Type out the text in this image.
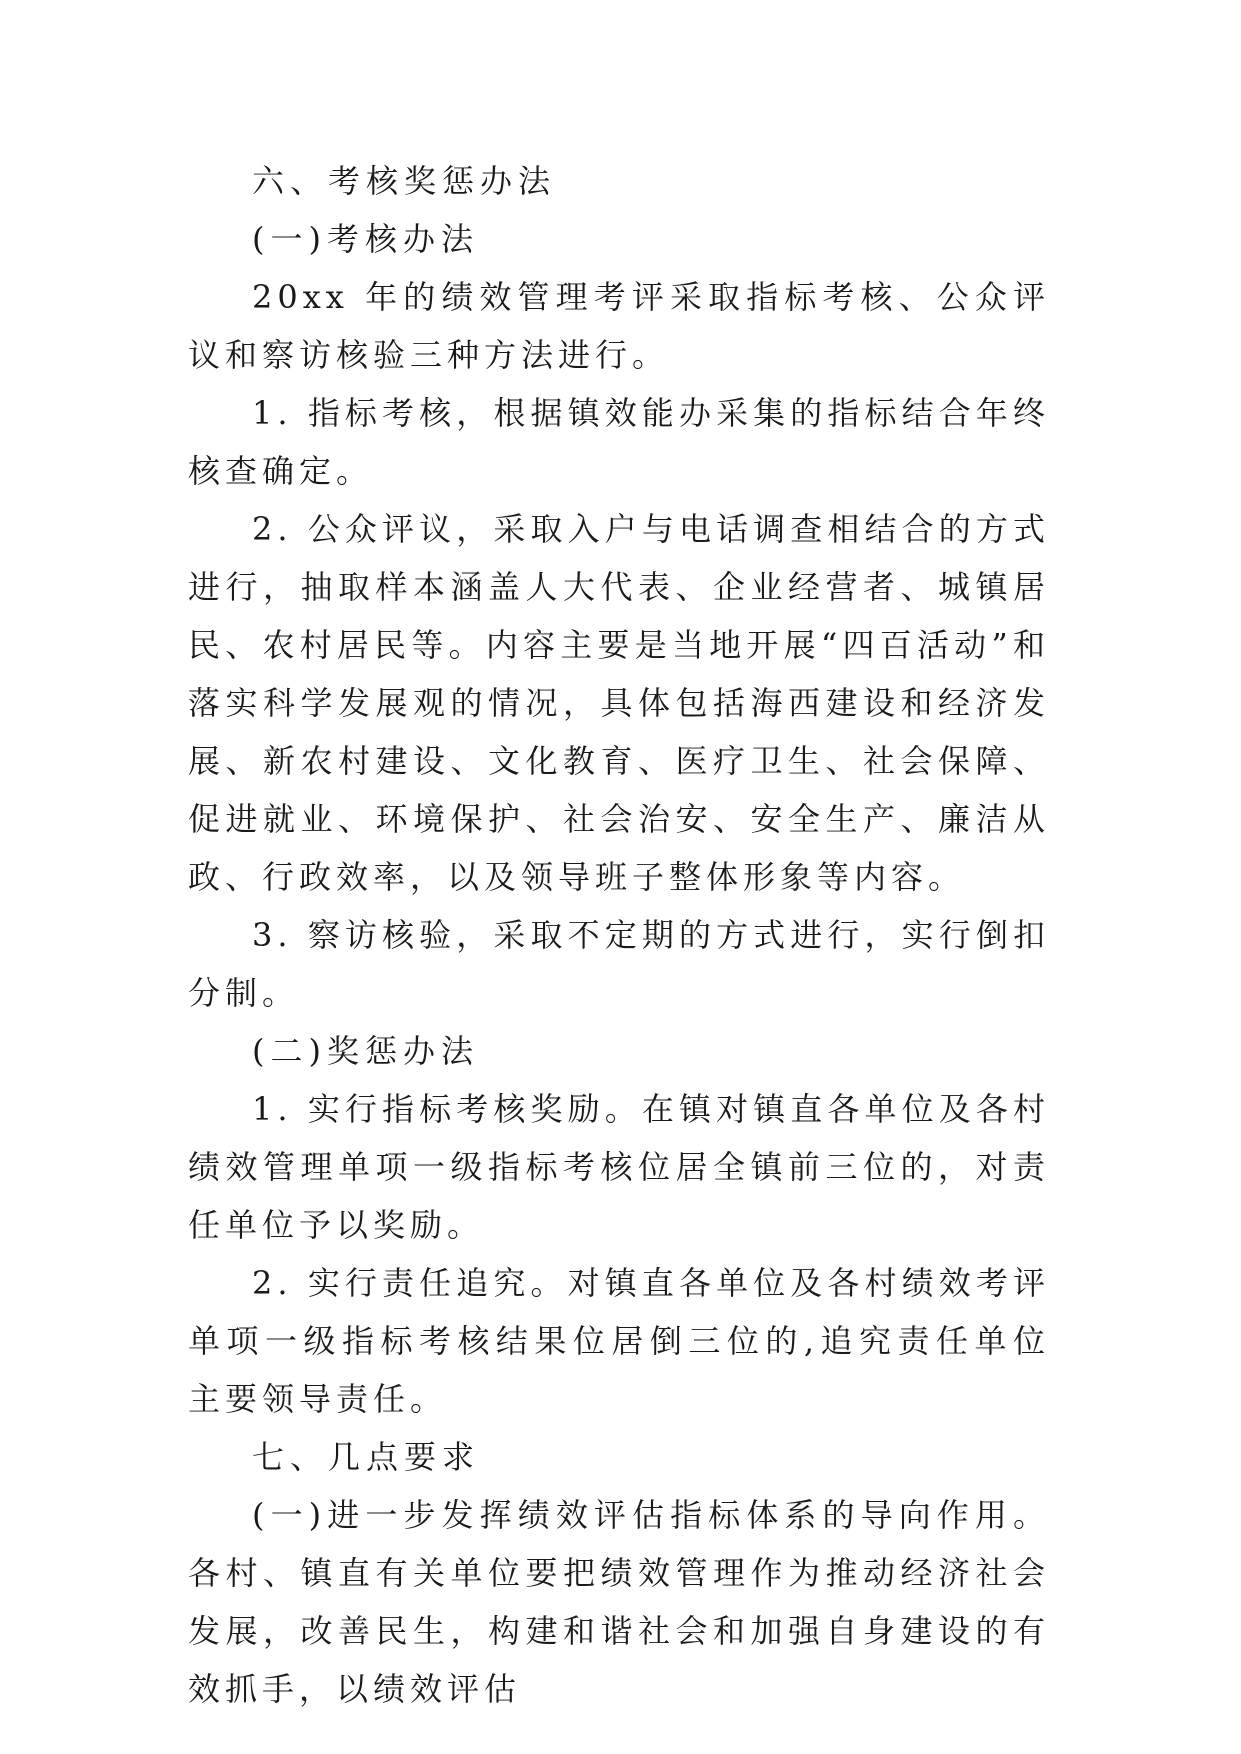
六、考核奖惩办法

(一)考核办法

20xx 年的绩效管理考评采取指标考核、公众评议和察访核验三种方法进行。

1. 指标考核，根据镇效能办采集的指标结合年终核查确定。

2. 公众评议，采取入户与电话调查相结合的方式进行，抽取样本涵盖人大代表、企业经营者、城镇居民、农村居民等。内容主要是当地开展“四百活动”和落实科学发展观的情况，具体包括海西建设和经济发展、新农村建设、文化教育、医疗卫生、社会保障、促进就业、环境保护、社会治安、安全生产、廉洁从政、行政效率，以及领导班子整体形象等内容。

3. 察访核验，采取不定期的方式进行，实行倒扣分制。

(二)奖惩办法

1. 实行指标考核奖励。在镇对镇直各单位及各村绩效管理单项一级指标考核位居全镇前三位的，对责任单位予以奖励。

2. 实行责任追究。对镇直各单位及各村绩效考评单项一级指标考核结果位居倒三位的,追究责任单位主要领导责任。

七、几点要求

(一)进一步发挥绩效评估指标体系的导向作用。各村、镇直有关单位要把绩效管理作为推动经济社会发展，改善民生，构建和谐社会和加强自身建设的有效抓手，以绩效评估
